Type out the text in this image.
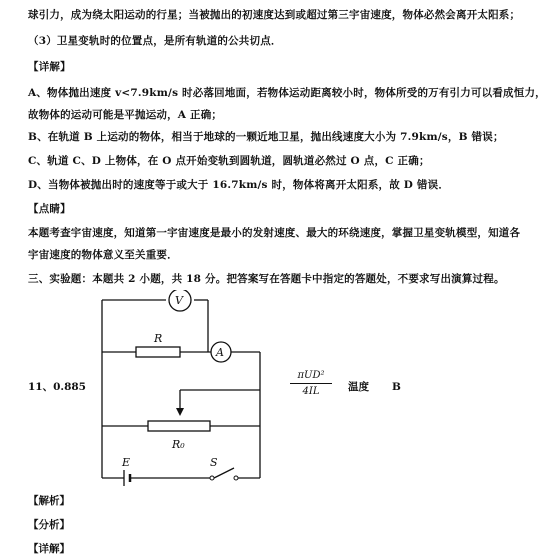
球引力，成为绕太阳运动的行星；当被抛出的初速度达到或超过第三宇宙速度，物体必然会离开太阳系；
（3）卫星变轨时的位置点，是所有轨道的公共切点．
【详解】
A、物体抛出速度 v<7.9km/s 时必落回地面，若物体运动距离较小时，物体所受的万有引力可以看成恒力，
故物体的运动可能是平抛运动，A 正确；
B、在轨道 B 上运动的物体，相当于地球的一颗近地卫星，抛出线速度大小为 7.9km/s，B 错误；
C、轨道 C、D 上物体，在 O 点开始变轨到圆轨道，圆轨道必然过 O 点，C 正确；
D、当物体被抛出时的速度等于或大于 16.7km/s 时，物体将离开太阳系，故 D 错误．
【点睛】
本题考查宇宙速度，知道第一宇宙速度是最小的发射速度、最大的环绕速度，掌握卫星变轨模型，知道各
宇宙速度的物体意义至关重要．
三、实验题：本题共 2 小题，共 18 分。把答案写在答题卡中指定的答题处，不要求写出演算过程。
V
A
R
R₀
E	S
11、0.885
πUD²
4IL	温度 B
【解析】
【分析】
【详解】
